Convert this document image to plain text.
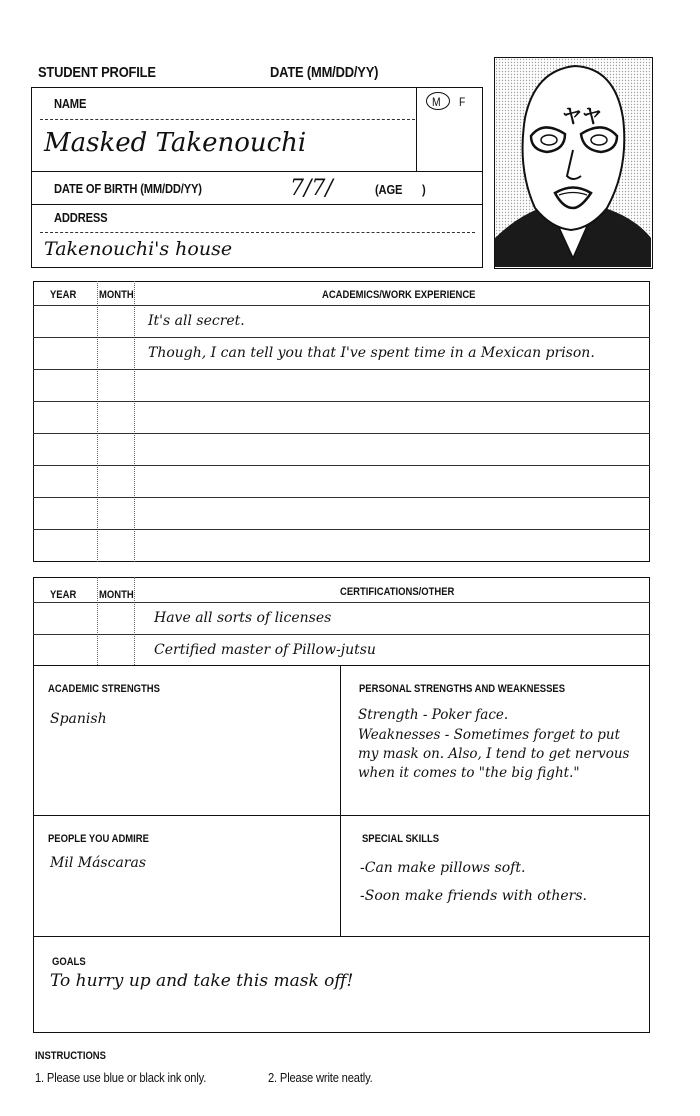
STUDENT PROFILE	DATE (MM/DD/YY)
NAME	M F
Masked Takenouchi
DATE OF BIRTH (MM/DD/YY)	7/7/	(AGE )
ADDRESS
Takenouchi's house
ヤヤ
YEAR MONTH	ACADEMICS/WORK EXPERIENCE
It's all secret.
Though, I can tell you that I've spent time in a Mexican prison.
YEAR MONTH	CERTIFICATIONS/OTHER
Have all sorts of licenses
Certified master of Pillow-jutsu
ACADEMIC STRENGTHS
Spanish
PERSONAL STRENGTHS AND WEAKNESSES
Strength - Poker face.
Weaknesses - Sometimes forget to put
my mask on. Also, I tend to get nervous
when it comes to "the big fight."
PEOPLE YOU ADMIRE
Mil Máscaras
SPECIAL SKILLS
-Can make pillows soft.
-Soon make friends with others.
GOALS
To hurry up and take this mask off!
INSTRUCTIONS
1. Please use blue or black ink only.	2. Please write neatly.
